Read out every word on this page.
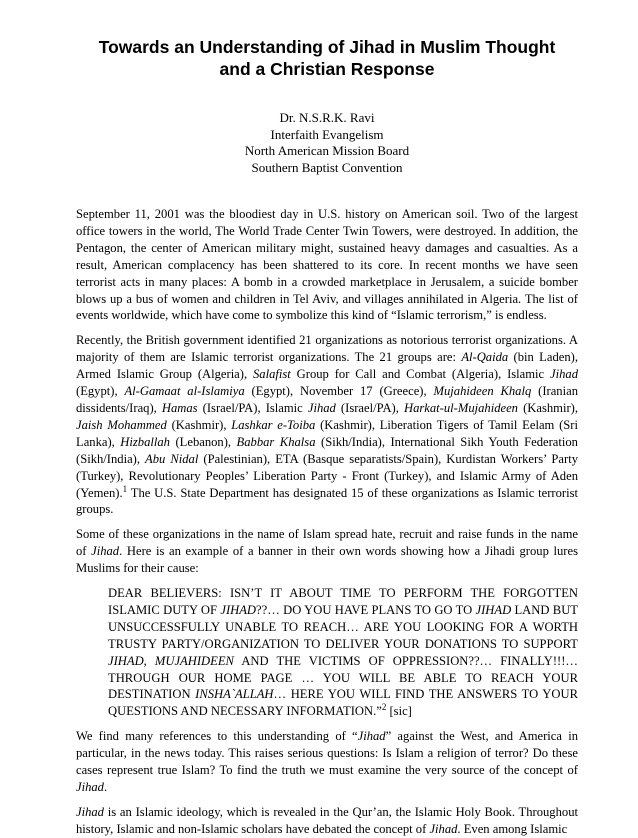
Towards an Understanding of Jihad in Muslim Thought
and a Christian Response
Dr. N.S.R.K. Ravi
Interfaith Evangelism
North American Mission Board
Southern Baptist Convention

September 11, 2001 was the bloodiest day in U.S. history on American soil. Two of the largest office towers in the world, The World Trade Center Twin Towers, were destroyed. In addition, the Pentagon, the center of American military might, sustained heavy damages and casualties. As a result, American complacency has been shattered to its core. In recent months we have seen terrorist acts in many places: A bomb in a crowded marketplace in Jerusalem, a suicide bomber blows up a bus of women and children in Tel Aviv, and villages annihilated in Algeria. The list of events worldwide, which have come to symbolize this kind of “Islamic terrorism,” is endless.

Recently, the British government identified 21 organizations as notorious terrorist organizations. A majority of them are Islamic terrorist organizations. The 21 groups are: Al-Qaida (bin Laden), Armed Islamic Group (Algeria), Salafist Group for Call and Combat (Algeria), Islamic Jihad (Egypt), Al-Gamaat al-Islamiya (Egypt), November 17 (Greece), Mujahideen Khalq (Iranian dissidents/Iraq), Hamas (Israel/PA), Islamic Jihad (Israel/PA), Harkat-ul-Mujahideen (Kashmir), Jaish Mohammed (Kashmir), Lashkar e-Toiba (Kashmir), Liberation Tigers of Tamil Eelam (Sri Lanka), Hizballah (Lebanon), Babbar Khalsa (Sikh/India), International Sikh Youth Federation (Sikh/India), Abu Nidal (Palestinian), ETA (Basque separatists/Spain), Kurdistan Workers’ Party (Turkey), Revolutionary Peoples’ Liberation Party - Front (Turkey), and Islamic Army of Aden (Yemen).$^1$ The U.S. State Department has designated 15 of these organizations as Islamic terrorist groups.

Some of these organizations in the name of Islam spread hate, recruit and raise funds in the name of Jihad. Here is an example of a banner in their own words showing how a Jihadi group lures Muslims for their cause:

DEAR BELIEVERS: ISN’T IT ABOUT TIME TO PERFORM THE FORGOTTEN ISLAMIC DUTY OF JIHAD??… DO YOU HAVE PLANS TO GO TO JIHAD LAND BUT UNSUCCESSFULLY UNABLE TO REACH… ARE YOU LOOKING FOR A WORTH TRUSTY PARTY/ORGANIZATION TO DELIVER YOUR DONATIONS TO SUPPORT JIHAD, MUJAHIDEEN AND THE VICTIMS OF OPPRESSION??… FINALLY!!!… THROUGH OUR HOME PAGE … YOU WILL BE ABLE TO REACH YOUR DESTINATION INSHA`ALLAH… HERE YOU WILL FIND THE ANSWERS TO YOUR QUESTIONS AND NECESSARY INFORMATION.”$^2$ [sic]

We find many references to this understanding of “Jihad” against the West, and America in particular, in the news today. This raises serious questions: Is Islam a religion of terror? Do these cases represent true Islam? To find the truth we must examine the very source of the concept of Jihad.

Jihad is an Islamic ideology, which is revealed in the Qur’an, the Islamic Holy Book. Throughout history, Islamic and non-Islamic scholars have debated the concept of Jihad. Even among Islamic
